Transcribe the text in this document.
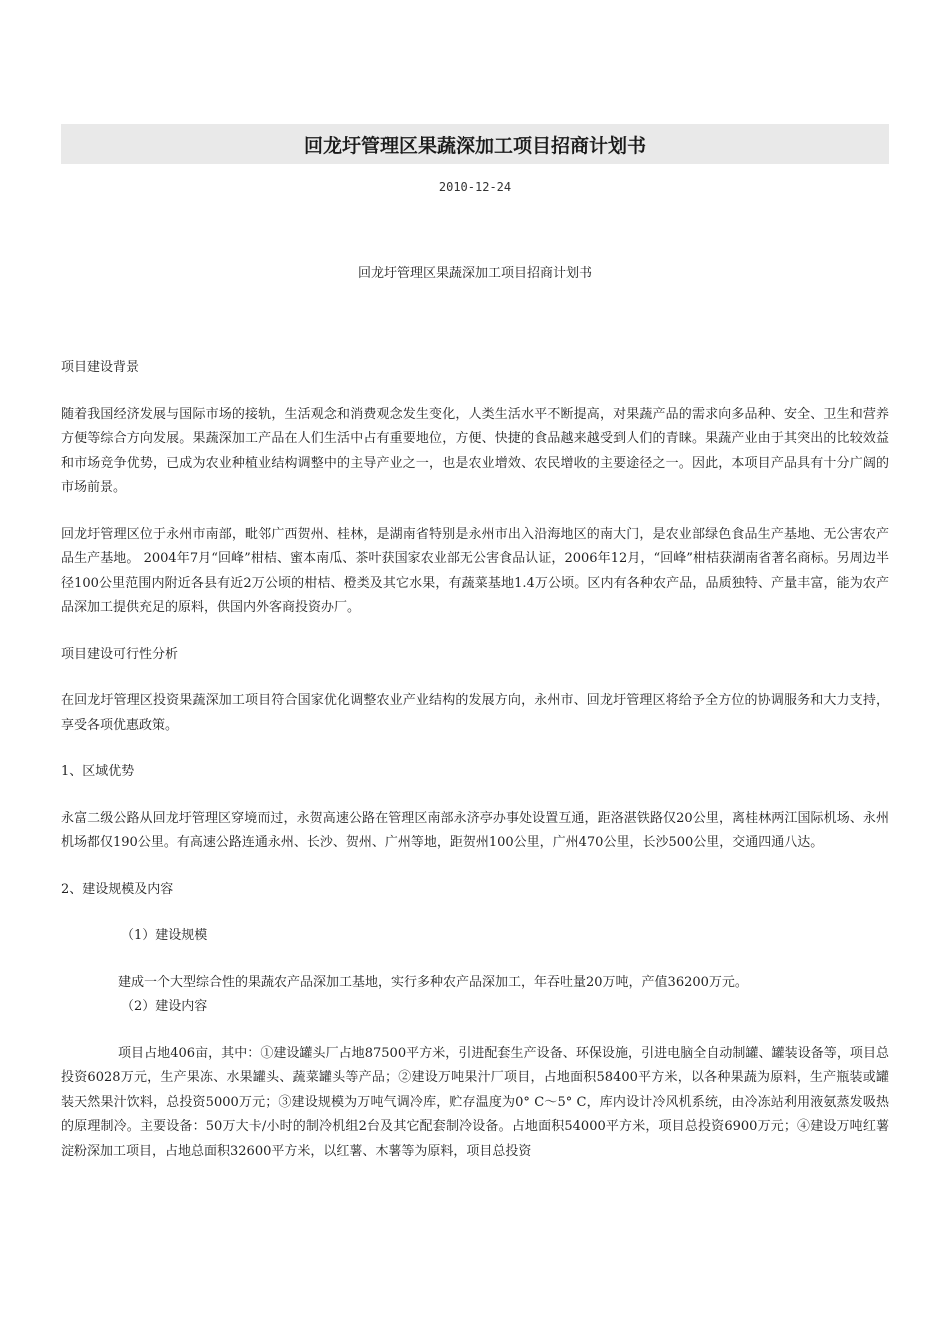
回龙圩管理区果蔬深加工项目招商计划书
2010-12-24
回龙圩管理区果蔬深加工项目招商计划书

项目建设背景

随着我国经济发展与国际市场的接轨，生活观念和消费观念发生变化，人类生活水平不断提高，对果蔬产品的需求向多品种、安全、卫生和营养方便等综合方向发展。果蔬深加工产品在人们生活中占有重要地位，方便、快捷的食品越来越受到人们的青睐。果蔬产业由于其突出的比较效益和市场竞争优势，已成为农业种植业结构调整中的主导产业之一，也是农业增效、农民增收的主要途径之一。因此，本项目产品具有十分广阔的市场前景。

回龙圩管理区位于永州市南部，毗邻广西贺州、桂林，是湖南省特别是永州市出入沿海地区的南大门，是农业部绿色食品生产基地、无公害农产品生产基地。 2004年7月“回峰”柑桔、蜜本南瓜、茶叶获国家农业部无公害食品认证，2006年12月，“回峰”柑桔获湖南省著名商标。另周边半径100公里范围内附近各县有近2万公顷的柑桔、橙类及其它水果，有蔬菜基地1.4万公顷。区内有各种农产品，品质独特、产量丰富，能为农产品深加工提供充足的原料，供国内外客商投资办厂。

项目建设可行性分析

在回龙圩管理区投资果蔬深加工项目符合国家优化调整农业产业结构的发展方向，永州市、回龙圩管理区将给予全方位的协调服务和大力支持，享受各项优惠政策。

1、区域优势

永富二级公路从回龙圩管理区穿境而过，永贺高速公路在管理区南部永济亭办事处设置互通，距洛湛铁路仅20公里，离桂林两江国际机场、永州机场都仅190公里。有高速公路连通永州、长沙、贺州、广州等地，距贺州100公里，广州470公里，长沙500公里，交通四通八达。

2、建设规模及内容

（1）建设规模

建成一个大型综合性的果蔬农产品深加工基地，实行多种农产品深加工，年吞吐量20万吨，产值36200万元。

（2）建设内容

项目占地406亩，其中：①建设罐头厂占地87500平方米，引进配套生产设备、环保设施，引进电脑全自动制罐、罐装设备等，项目总投资6028万元，生产果冻、水果罐头、蔬菜罐头等产品；②建设万吨果汁厂项目，占地面积58400平方米，以各种果蔬为原料，生产瓶装或罐装天然果汁饮料，总投资5000万元；③建设规模为万吨气调冷库，贮存温度为0° C～5° C，库内设计冷风机系统，由冷冻站利用液氨蒸发吸热的原理制冷。主要设备：50万大卡/小时的制冷机组2台及其它配套制冷设备。占地面积54000平方米，项目总投资6900万元；④建设万吨红薯淀粉深加工项目，占地总面积32600平方米，以红薯、木薯等为原料，项目总投资
